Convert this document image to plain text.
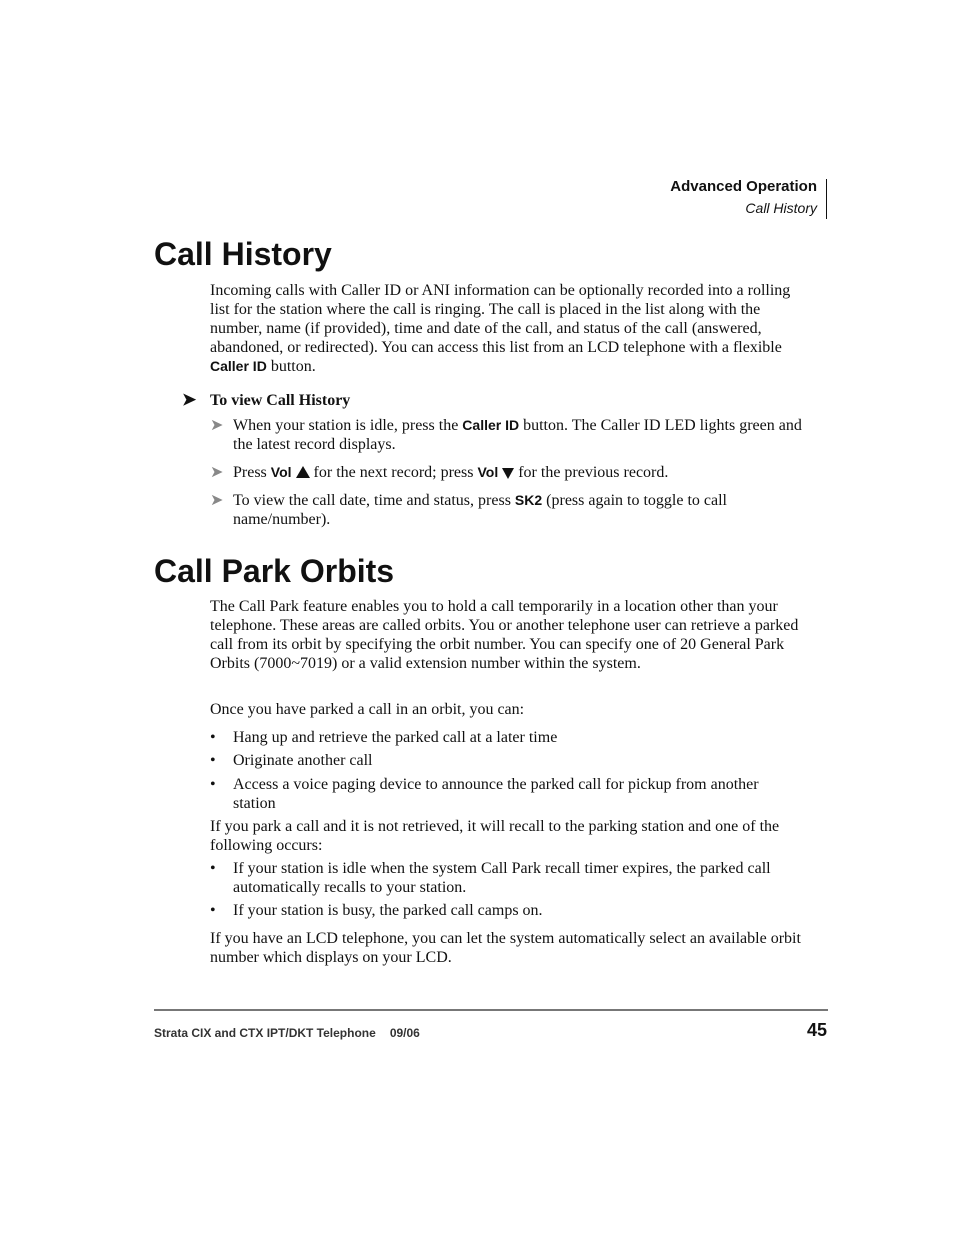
Advanced Operation
Call History
Call History

Incoming calls with Caller ID or ANI information can be optionally recorded into a rolling list for the station where the call is ringing. The call is placed in the list along with the number, name (if provided), time and date of the call, and status of the call (answered, abandoned, or redirected). You can access this list from an LCD telephone with a flexible Caller ID button.

➤ To view Call History
➤ When your station is idle, press the Caller ID button. The Caller ID LED lights green and the latest record displays.
➤ Press Vol  for the next record; press Vol  for the previous record.
➤ To view the call date, time and status, press SK2 (press again to toggle to call name/number).
Call Park Orbits

The Call Park feature enables you to hold a call temporarily in a location other than your telephone. These areas are called orbits. You or another telephone user can retrieve a parked call from its orbit by specifying the orbit number. You can specify one of 20 General Park Orbits (7000~7019) or a valid extension number within the system.

Once you have parked a call in an orbit, you can:

• Hang up and retrieve the parked call at a later time
• Originate another call
• Access a voice paging device to announce the parked call for pickup from another station

If you park a call and it is not retrieved, it will recall to the parking station and one of the following occurs:

• If your station is idle when the system Call Park recall timer expires, the parked call automatically recalls to your station.
• If your station is busy, the parked call camps on.

If you have an LCD telephone, you can let the system automatically select an available orbit number which displays on your LCD.

Strata CIX and CTX IPT/DKT Telephone 09/06	45
